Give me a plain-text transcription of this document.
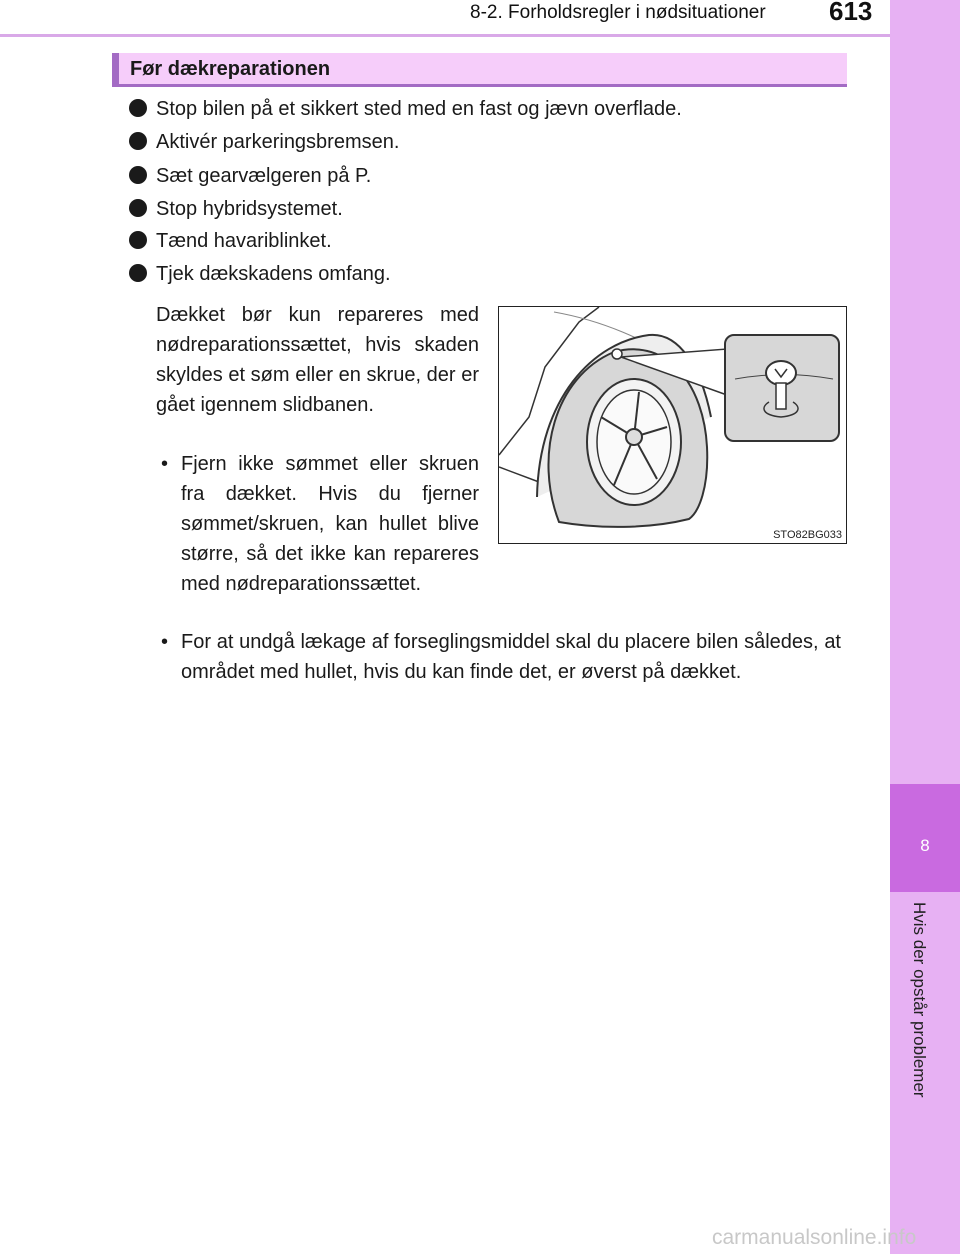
8-2. Forholdsregler i nødsituationer 613
8
Hvis der opstår problemer
Før dækreparationen
Stop bilen på et sikkert sted med en fast og jævn overflade.
Aktivér parkeringsbremsen.
Sæt gearvælgeren på P.
Stop hybridsystemet.
Tænd havariblinket.
Tjek dækskadens omfang.
Dækket bør kun repareres med nødreparationssættet, hvis skaden skyldes et søm eller en skrue, der er gået igennem slidbanen.
• Fjern ikke sømmet eller skruen fra dækket. Hvis du fjerner sømmet/skruen, kan hullet blive større, så det ikke kan repareres med nødreparationssættet.
• For at undgå lækage af forseglingsmiddel skal du placere bilen således, at området med hullet, hvis du kan finde det, er øverst på dækket.
STO82BG033
carmanualsonline.info
